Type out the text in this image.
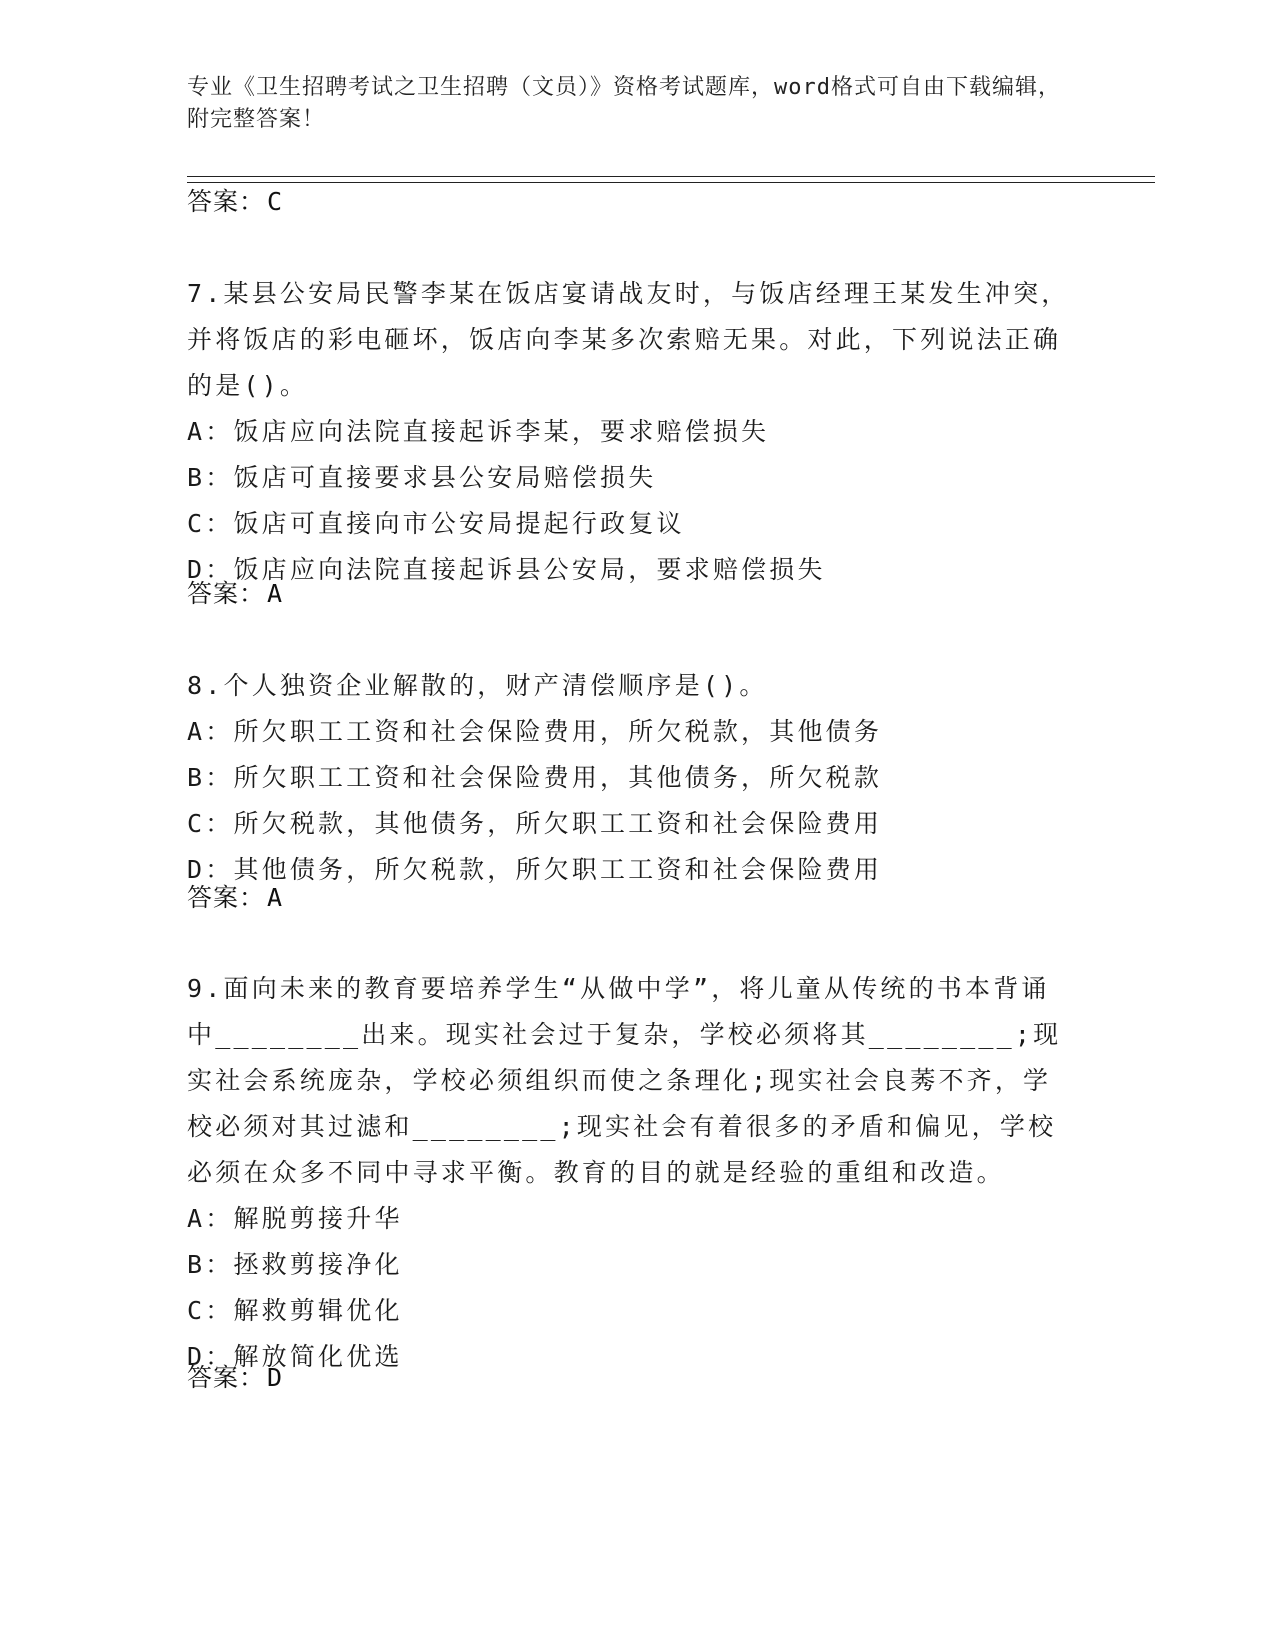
专业《卫生招聘考试之卫生招聘（文员）》资格考试题库，word格式可自由下载编辑，附完整答案！
答案：C
7.某县公安局民警李某在饭店宴请战友时，与饭店经理王某发生冲突，并将饭店的彩电砸坏，饭店向李某多次索赔无果。对此，下列说法正确的是()。
A：饭店应向法院直接起诉李某，要求赔偿损失
B：饭店可直接要求县公安局赔偿损失
C：饭店可直接向市公安局提起行政复议
D：饭店应向法院直接起诉县公安局，要求赔偿损失
答案：A
8.个人独资企业解散的，财产清偿顺序是()。
A：所欠职工工资和社会保险费用，所欠税款，其他债务
B：所欠职工工资和社会保险费用，其他债务，所欠税款
C：所欠税款，其他债务，所欠职工工资和社会保险费用
D：其他债务，所欠税款，所欠职工工资和社会保险费用
答案：A
9.面向未来的教育要培养学生“从做中学”，将儿童从传统的书本背诵中________出来。现实社会过于复杂，学校必须将其________;现实社会系统庞杂，学校必须组织而使之条理化;现实社会良莠不齐，学校必须对其过滤和________;现实社会有着很多的矛盾和偏见，学校必须在众多不同中寻求平衡。教育的目的就是经验的重组和改造。
A：解脱剪接升华
B：拯救剪接净化
C：解救剪辑优化
D：解放简化优选
答案：D
